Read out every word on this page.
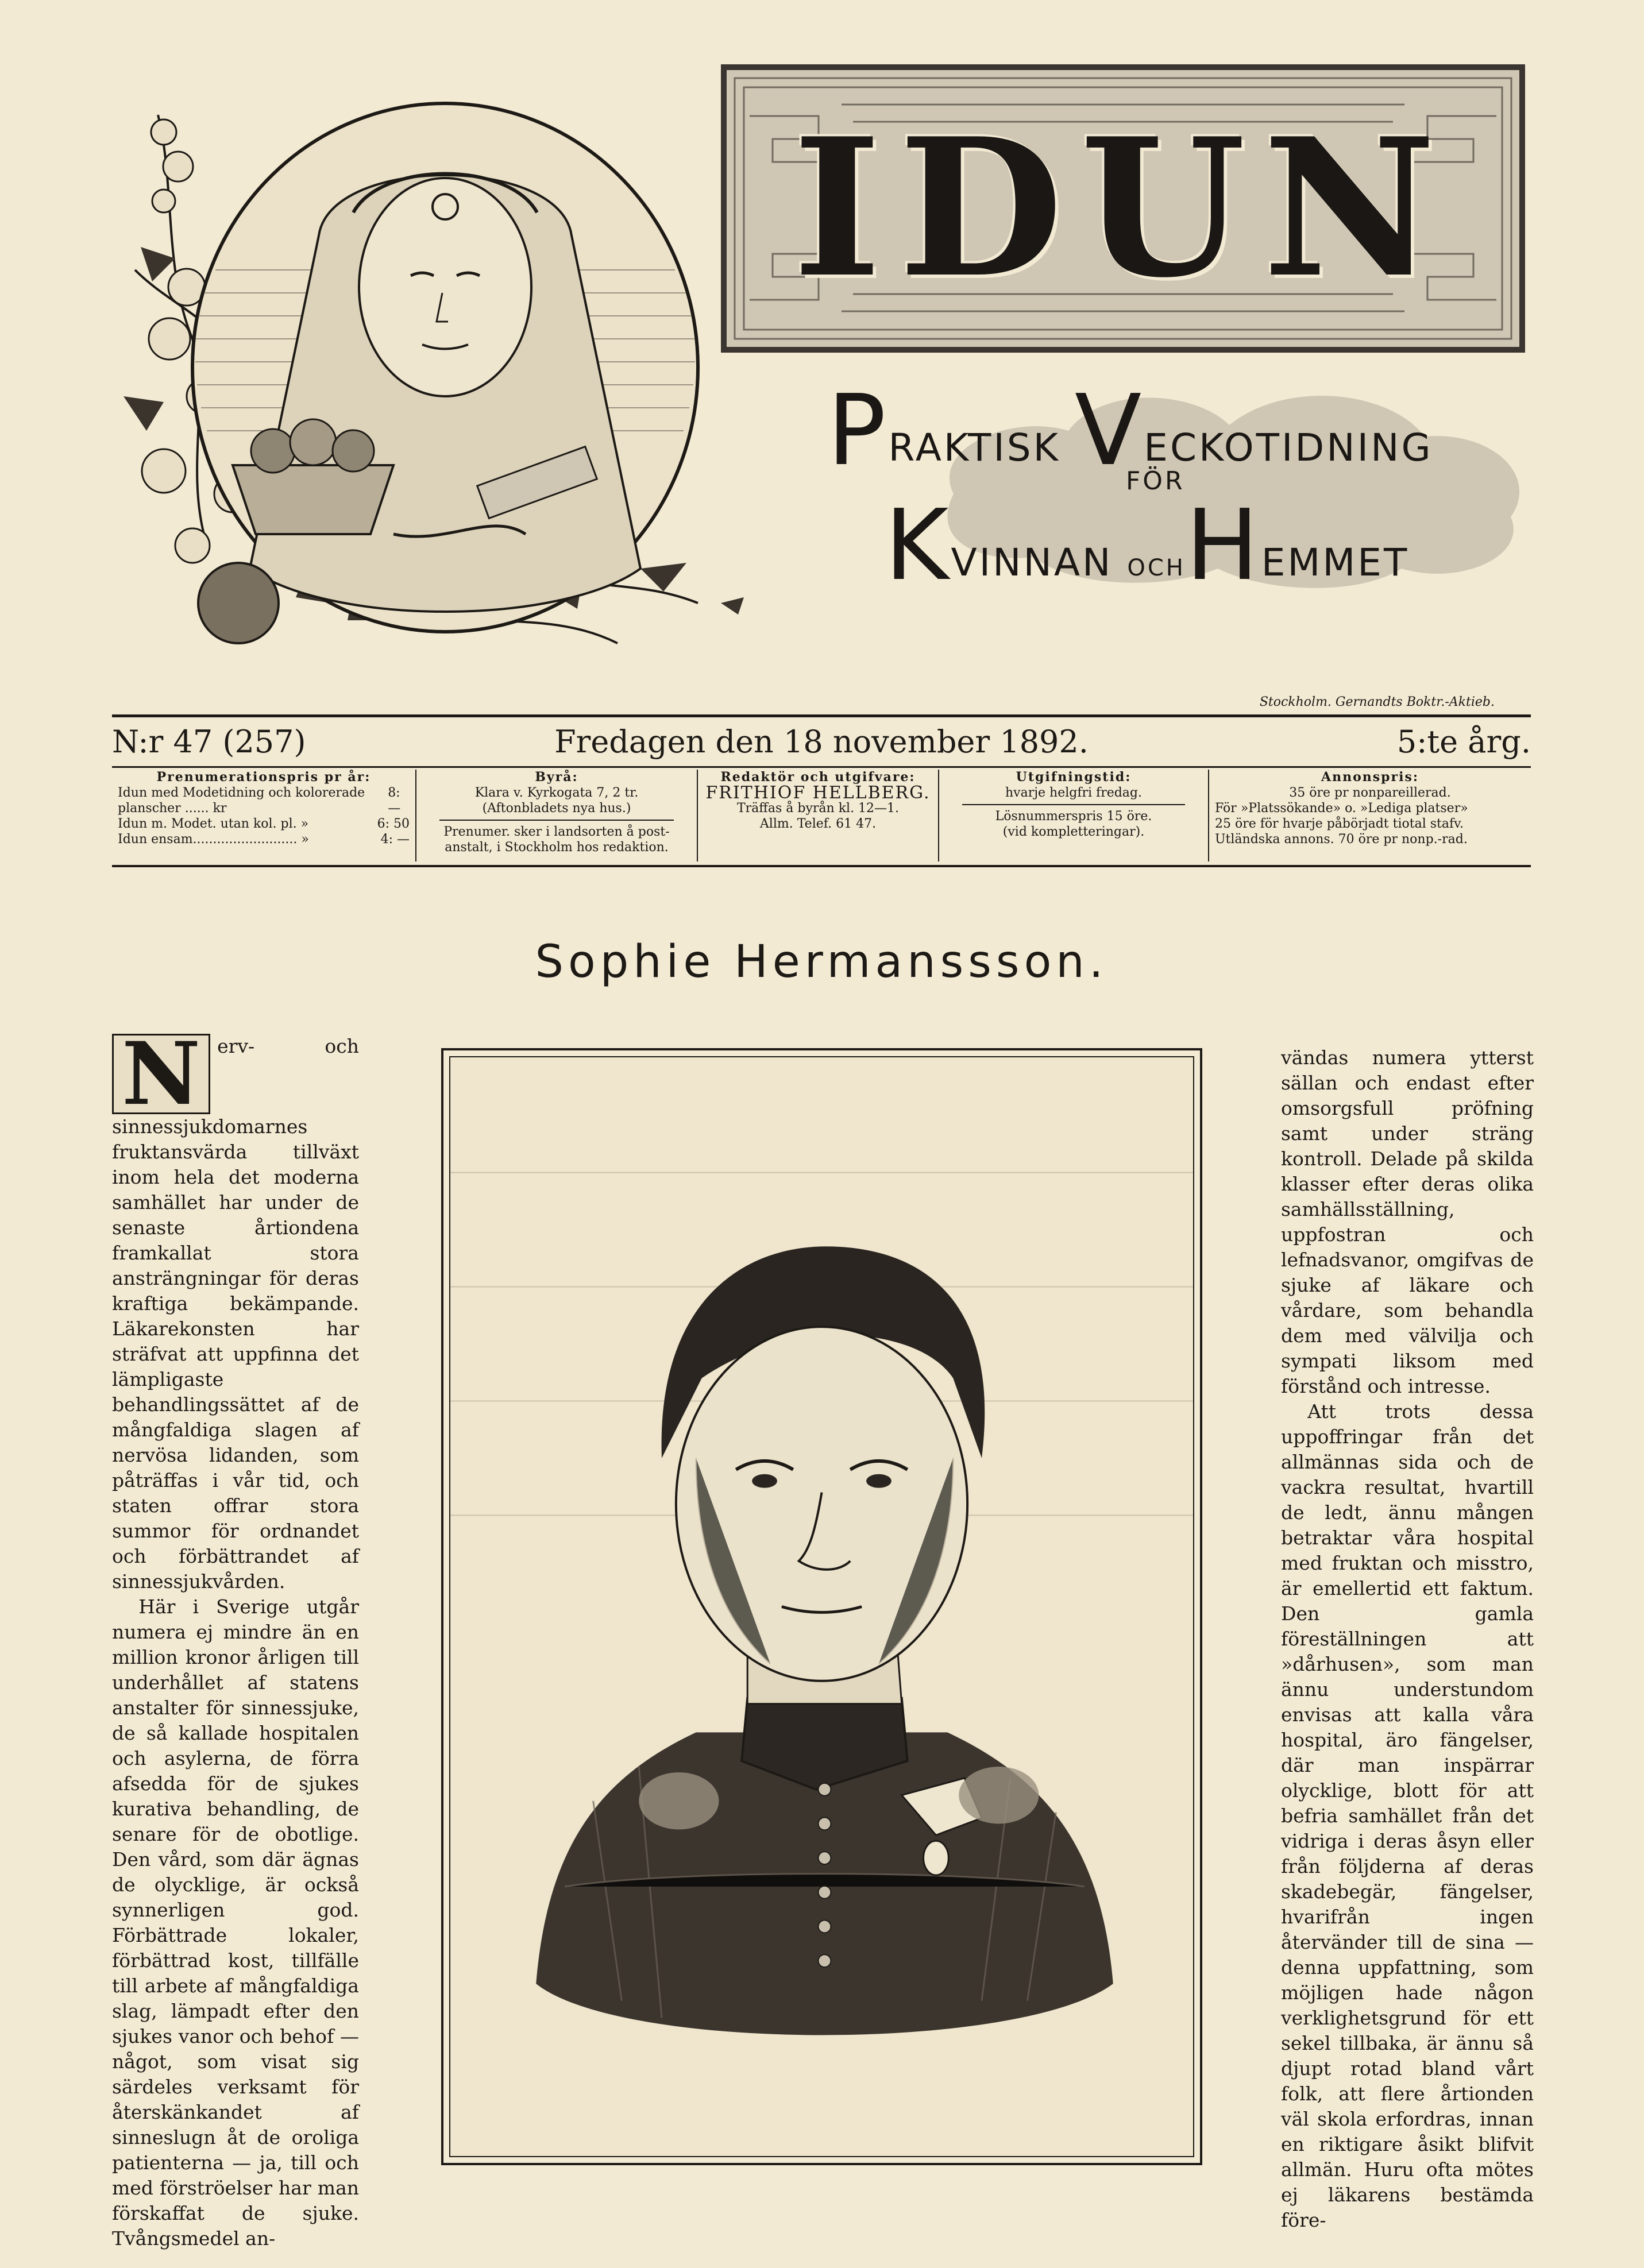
IDUN
PRAKTISK VECKOTIDNING
FÖR
KVINNAN OCHHEMMET
Stockholm. Gernandts Boktr.-Aktieb.
N:r 47 (257)	Fredagen den 18 november 1892.	5:te årg.
Prenumerationspris pr år:
Idun med Modetidning och kolorerade planscher ...... kr
8: —
Idun m. Modet. utan kol. pl. »	6: 50
Idun ensam.......................... »	4: —
Byrå:
Klara v. Kyrkogata 7, 2 tr.
(Aftonbladets nya hus.)
Prenumer. sker i landsorten å post-
anstalt, i Stockholm hos redaktion.
Redaktör och utgifvare:
FRITHIOF HELLBERG.
Träffas å byrån kl. 12—1.
Allm. Telef. 61 47.
Utgifningstid:
hvarje helgfri fredag.
Lösnummerspris 15 öre.
(vid kompletteringar).
Annonspris:
35 öre pr nonpareillerad.
För »Platssökande» o. »Lediga platser»
25 öre för hvarje påbörjadt tiotal stafv.
Utländska annons. 70 öre pr nonp.-rad.
Sophie Hermanssson.

N erv- och sinnessjukdomarnes fruktansvärda tillväxt inom hela det moderna samhället har under de senaste årtiondena framkallat stora ansträngningar för deras kraftiga bekämpande. Läkarekonsten har sträfvat att uppfinna det lämpligaste behandlingssättet af de mångfaldiga slagen af nervösa lidanden, som påträffas i vår tid, och staten offrar stora summor för ordnandet och förbättrandet af sinnessjukvården.

Här i Sverige utgår numera ej mindre än en million kronor årligen till underhållet af statens anstalter för sinnessjuke, de så kallade hospitalen och asylerna, de förra afsedda för de sjukes kurativa behandling, de senare för de obotlige. Den vård, som där ägnas de olycklige, är också synnerligen god. Förbättrade lokaler, förbättrad kost, tillfälle till arbete af mångfaldiga slag, lämpadt efter den sjukes vanor och behof — något, som visat sig särdeles verksamt för återskänkandet af sinneslugn åt de oroliga patienterna — ja, till och med förströelser har man förskaffat de sjuke. Tvångsmedel an-

vändas numera ytterst sällan och endast efter omsorgsfull pröfning samt under sträng kontroll. Delade på skilda klasser efter deras olika samhällsställning, uppfostran och lefnadsvanor, omgifvas de sjuke af läkare och vårdare, som behandla dem med välvilja och sympati liksom med förstånd och intresse.

Att trots dessa uppoffringar från det allmännas sida och de vackra resultat, hvartill de ledt, ännu mången betraktar våra hospital med fruktan och misstro, är emellertid ett faktum. Den gamla föreställningen att »dårhusen», som man ännu understundom envisas att kalla våra hospital, äro fängelser, där man inspärrar olycklige, blott för att befria samhället från det vidriga i deras åsyn eller från följderna af deras skadebegär, fängelser, hvarifrån ingen återvänder till de sina — denna uppfattning, som möjligen hade någon verklighetsgrund för ett sekel tillbaka, är ännu så djupt rotad bland vårt folk, att flere årtionden väl skola erfordras, innan en riktigare åsikt blifvit allmän. Huru ofta mötes ej läkarens bestämda före-
